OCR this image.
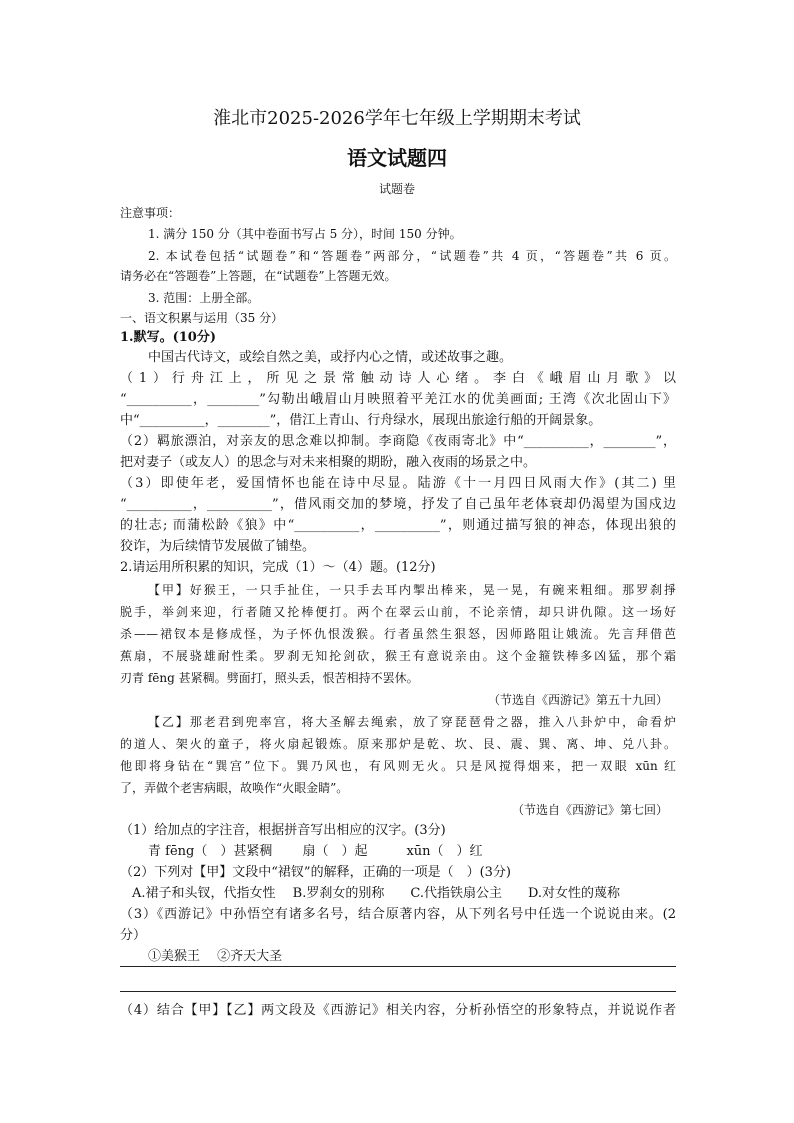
淮北市2025-2026学年七年级上学期期末考试
语文试题四
试题卷
注意事项：
1. 满分 150 分（其中卷面书写占 5 分），时间 150 分钟。
2. 本试卷包括“试题卷”和“答题卷”两部分，“试题卷”共 4 页，“答题卷”共 6 页。
请务必在“答题卷”上答题，在“试题卷”上答题无效。
3. 范围：上册全部。
一、语文积累与运用（35 分）
1.默写。(10分)
中国古代诗文，或绘自然之美，或抒内心之情，或述故事之趣。
（1）行舟江上，所见之景常触动诗人心绪。李白《峨眉山月歌》以
“__________，________”勾勒出峨眉山月映照着平羌江水的优美画面; 王湾《次北固山下》
中“__________，________”，借江上青山、行舟绿水，展现出旅途行船的开阔景象。
（2）羁旅漂泊，对亲友的思念难以抑制。李商隐《夜雨寄北》中“__________，________”，
把对妻子（或友人）的思念与对未来相聚的期盼，融入夜雨的场景之中。
（3）即使年老，爱国情怀也能在诗中尽显。陆游《十一月四日风雨大作》(其二) 里
“__________，__________”，借风雨交加的梦境，抒发了自己虽年老体衰却仍渴望为国戍边
的壮志; 而蒲松龄《狼》中“__________，__________”，则通过描写狼的神态，体现出狼的
狡诈，为后续情节发展做了铺垫。
2.请运用所积累的知识，完成（1）～（4）题。(12分)
【甲】好猴王，一只手扯住，一只手去耳内掣出棒来，晃一晃，有碗来粗细。那罗刹掙
脱手，举剑来迎，行者随又抡棒便打。两个在翠云山前，不论亲情，却只讲仇隙。这一场好
杀——裙钗本是修成怪，为子怀仇恨泼猴。行者虽然生狠怒，因师路阻让娥流。先言拜借芭
蕉扇，不展骁雄耐性柔。罗刹无知抡剑砍，猴王有意说亲由。这个金箍铁棒多凶猛，那个霜
刃青 fēng 甚紧稠。劈面打，照头丢，恨苦相持不罢休。
（节选自《西游记》第五十九回）
【乙】那老君到兜率宫，将大圣解去绳索，放了穿琵琶骨之器，推入八卦炉中，命看炉
的道人、架火的童子，将火扇起锻炼。原来那炉是乾、坎、艮、震、巽、离、坤、兑八卦。
他即将身钻在“巽宫”位下。巽乃风也，有风则无火。只是风搅得烟来，把一双眼 xūn 红
了，弄做个老害病眼，故唤作“火眼金睛”。
（节选自《西游记》第七回）
（1）给加点的字注音，根据拼音写出相应的汉字。(3分)
青 fēng（　）甚紧稠　　 扇（　）起　　　xūn（　）红
（2）下列对【甲】文段中“裙钗”的解释，正确的一项是（　）(3分)
A.裙子和头钗，代指女性　 B.罗刹女的别称　　C.代指铁扇公主　　D.对女性的蔑称
（3）《西游记》中孙悟空有诸多名号，结合原著内容，从下列名号中任选一个说说由来。(2
分）
①美猴王　 ②齐天大圣
（4）结合【甲】【乙】两文段及《西游记》相关内容，分析孙悟空的形象特点，并说说作者
